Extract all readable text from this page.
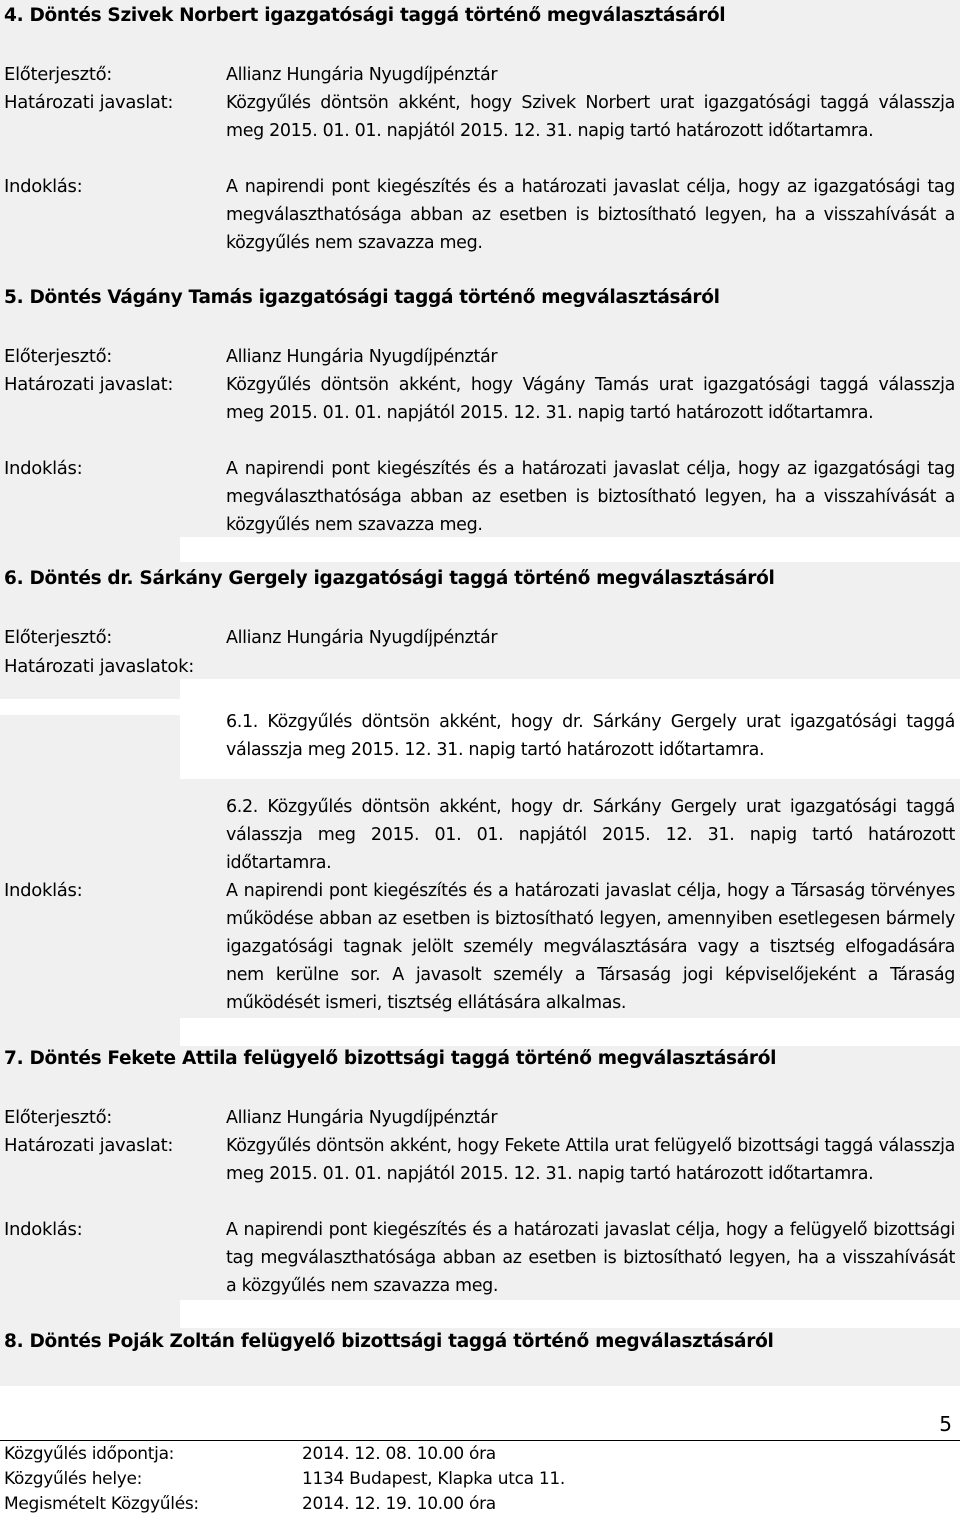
4. Döntés Szivek Norbert igazgatósági taggá történő megválasztásáról
Előterjesztő:	Allianz Hungária Nyugdíjpénztár
Határozati javaslat:	Közgyűlés döntsön akként, hogy Szivek Norbert urat igazgatósági taggá válasszja meg 2015. 01. 01. napjától 2015. 12. 31. napig tartó határozott időtartamra.
Indoklás:	A napirendi pont kiegészítés és a határozati javaslat célja, hogy az igazgatósági tag megválaszthatósága abban az esetben is biztosítható legyen, ha a visszahívását a közgyűlés nem szavazza meg.
5. Döntés Vágány Tamás igazgatósági taggá történő megválasztásáról
Előterjesztő:	Allianz Hungária Nyugdíjpénztár
Határozati javaslat:	Közgyűlés döntsön akként, hogy Vágány Tamás urat igazgatósági taggá válasszja meg 2015. 01. 01. napjától 2015. 12. 31. napig tartó határozott időtartamra.
Indoklás:	A napirendi pont kiegészítés és a határozati javaslat célja, hogy az igazgatósági tag megválaszthatósága abban az esetben is biztosítható legyen, ha a visszahívását a közgyűlés nem szavazza meg.
6. Döntés dr. Sárkány Gergely igazgatósági taggá történő megválasztásáról
Előterjesztő:	Allianz Hungária Nyugdíjpénztár
Határozati javaslatok:
6.1. Közgyűlés döntsön akként, hogy dr. Sárkány Gergely urat igazgatósági taggá válasszja meg 2015. 12. 31. napig tartó határozott időtartamra.
6.2. Közgyűlés döntsön akként, hogy dr. Sárkány Gergely urat igazgatósági taggá válasszja meg 2015. 01. 01. napjától 2015. 12. 31. napig tartó határozott időtartamra.
Indoklás:	A napirendi pont kiegészítés és a határozati javaslat célja, hogy a Társaság törvényes működése abban az esetben is biztosítható legyen, amennyiben esetlegesen bármely igazgatósági tagnak jelölt személy megválasztására vagy a tisztség elfogadására nem kerülne sor. A javasolt személy a Társaság jogi képviselőjeként a Táraság működését ismeri, tisztség ellátására alkalmas.
7. Döntés Fekete Attila felügyelő bizottsági taggá történő megválasztásáról
Előterjesztő:	Allianz Hungária Nyugdíjpénztár
Határozati javaslat:	Közgyűlés döntsön akként, hogy Fekete Attila urat felügyelő bizottsági taggá válasszja meg 2015. 01. 01. napjától 2015. 12. 31. napig tartó határozott időtartamra.
Indoklás:	A napirendi pont kiegészítés és a határozati javaslat célja, hogy a felügyelő bizottsági tag megválaszthatósága abban az esetben is biztosítható legyen, ha a visszahívását a közgyűlés nem szavazza meg.
8. Döntés Poják Zoltán felügyelő bizottsági taggá történő megválasztásáról
5
Közgyűlés időpontja:	2014. 12. 08. 10.00 óra
Közgyűlés helye:	1134 Budapest, Klapka utca 11.
Megismételt Közgyűlés:	2014. 12. 19. 10.00 óra
